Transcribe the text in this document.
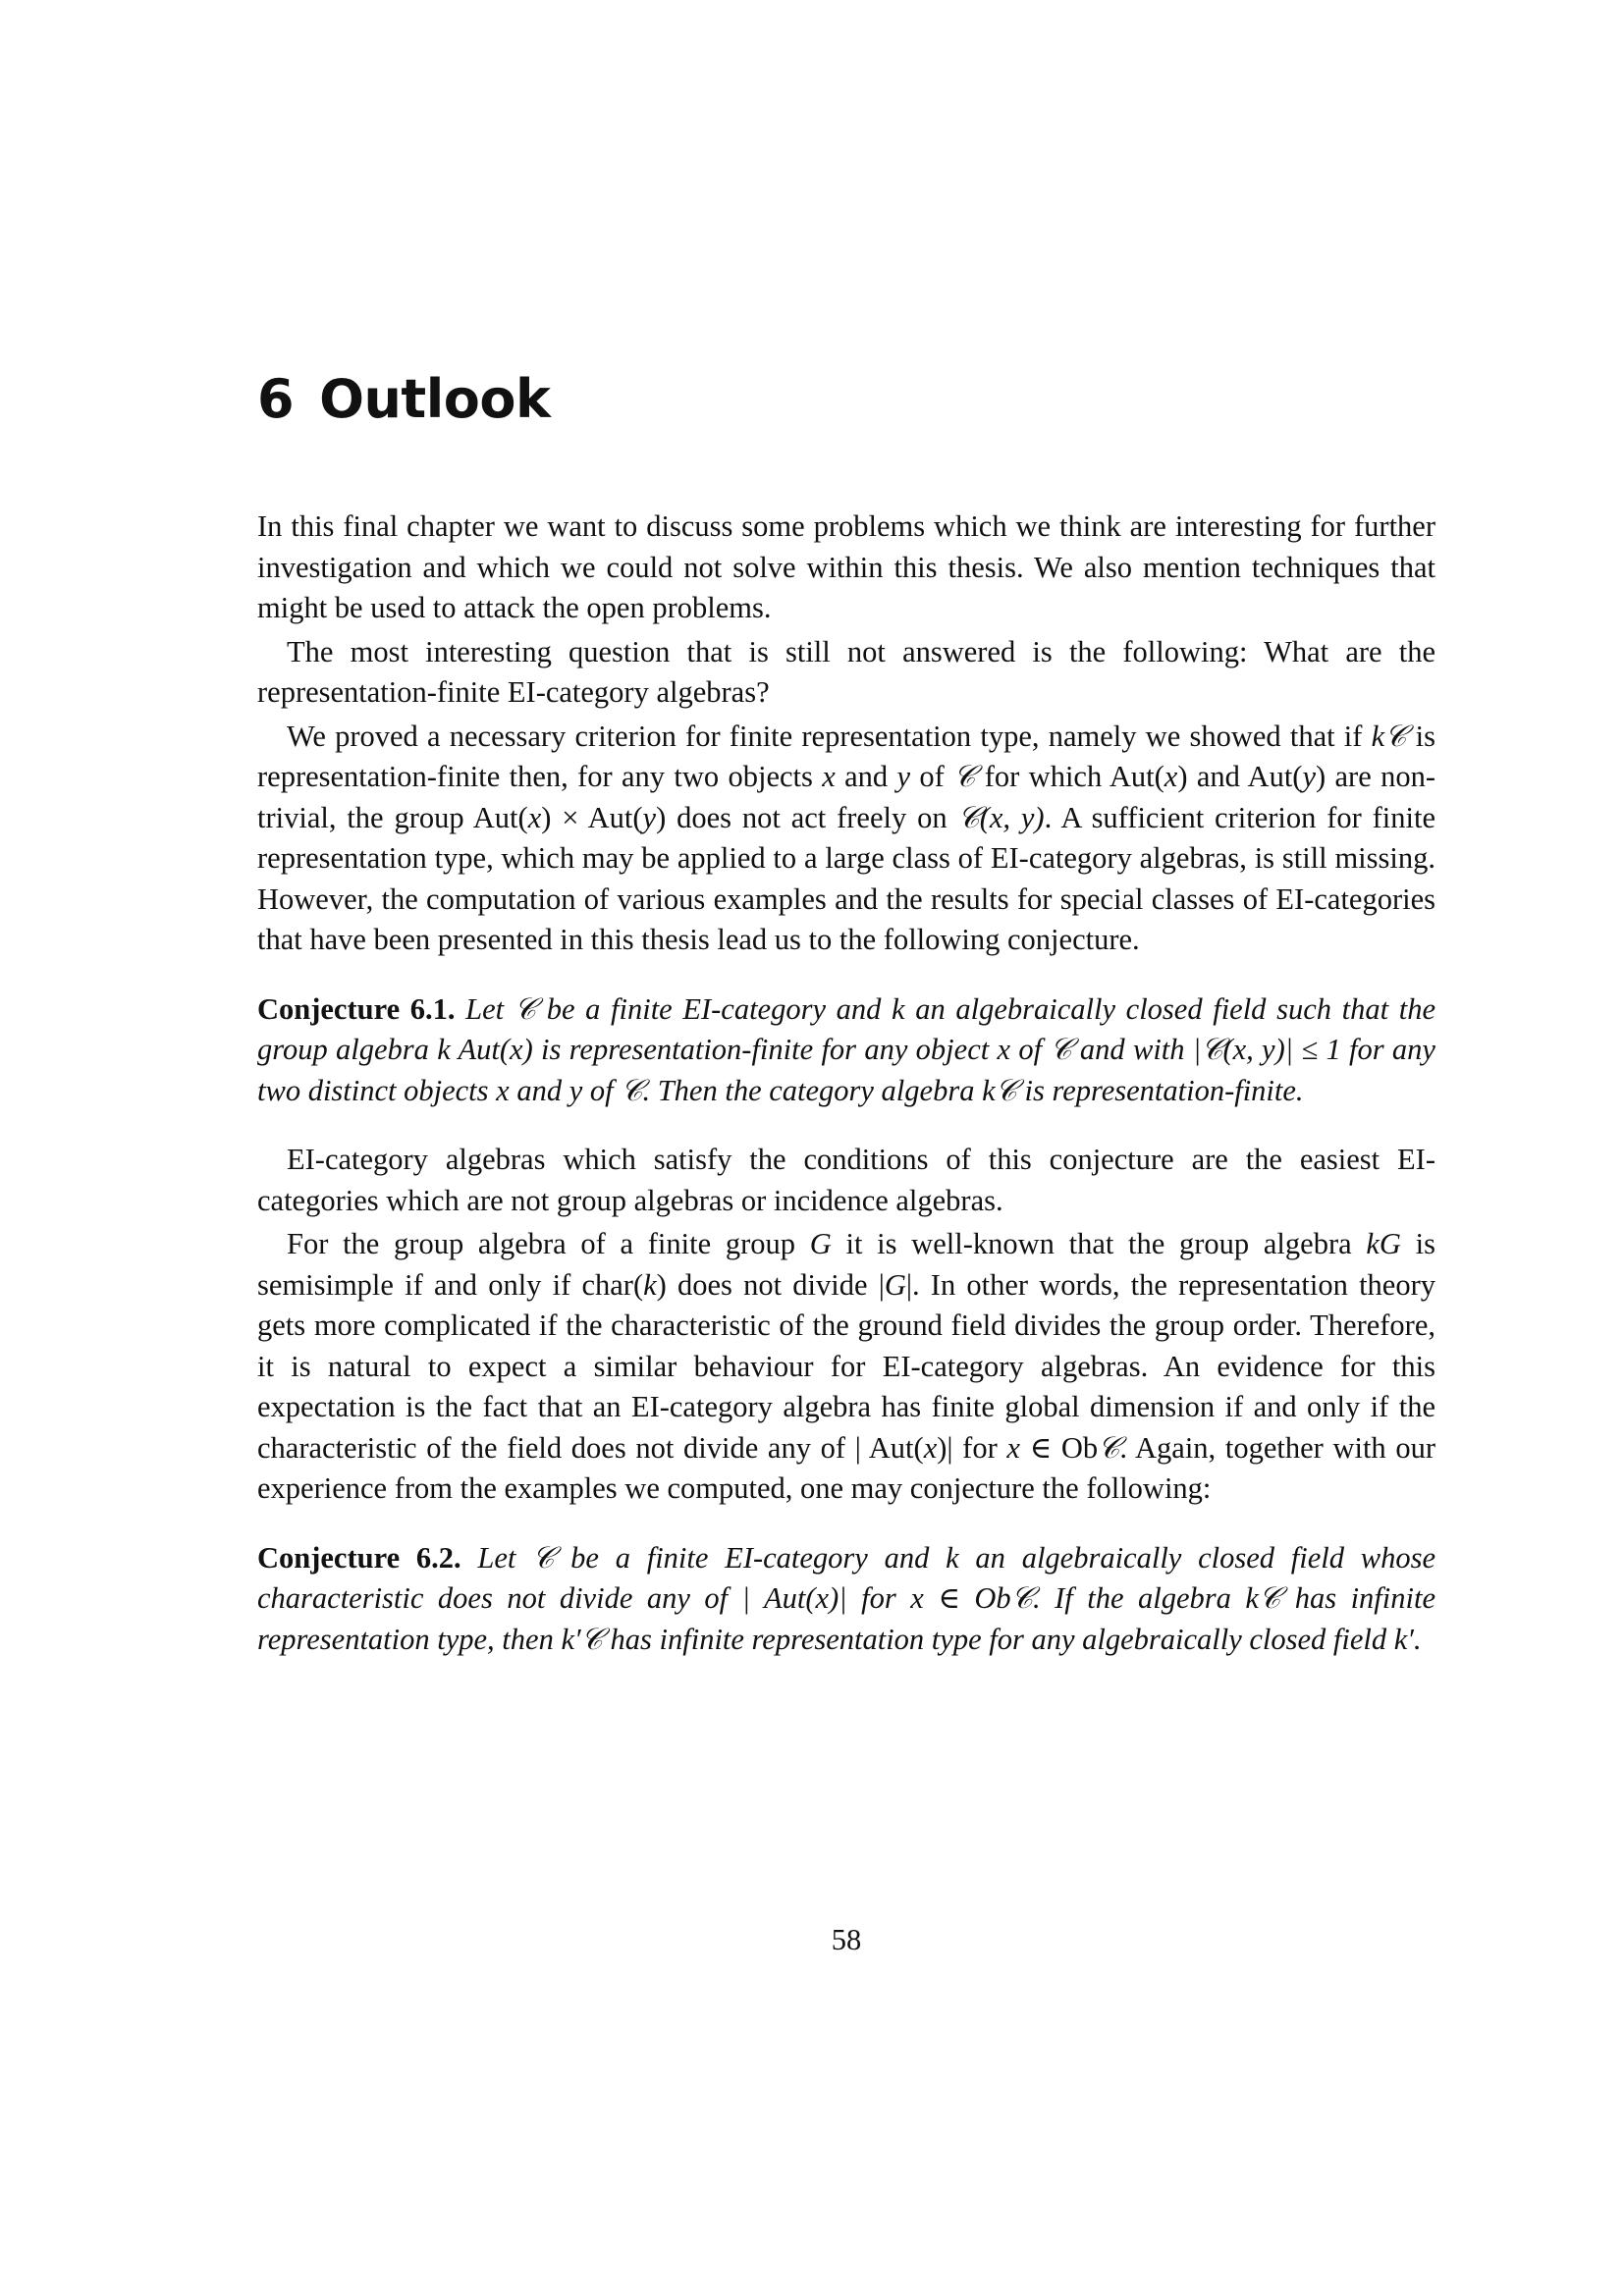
6 Outlook

In this final chapter we want to discuss some problems which we think are interesting for further investigation and which we could not solve within this thesis. We also mention techniques that might be used to attack the open problems.

The most interesting question that is still not answered is the following: What are the representation-finite EI-category algebras?

We proved a necessary criterion for finite representation type, namely we showed that if k𝒞 is representation-finite then, for any two objects x and y of 𝒞 for which Aut(x) and Aut(y) are non-trivial, the group Aut(x) × Aut(y) does not act freely on 𝒞(x, y). A sufficient criterion for finite representation type, which may be applied to a large class of EI-category algebras, is still missing. However, the computation of various examples and the results for special classes of EI-categories that have been presented in this thesis lead us to the following conjecture.

Conjecture 6.1. Let 𝒞 be a finite EI-category and k an algebraically closed field such that the group algebra k Aut(x) is representation-finite for any object x of 𝒞 and with |𝒞(x, y)| ≤ 1 for any two distinct objects x and y of 𝒞. Then the category algebra k𝒞 is representation-finite.

EI-category algebras which satisfy the conditions of this conjecture are the easiest EI-categories which are not group algebras or incidence algebras.

For the group algebra of a finite group G it is well-known that the group algebra kG is semisimple if and only if char(k) does not divide |G|. In other words, the representation theory gets more complicated if the characteristic of the ground field divides the group order. Therefore, it is natural to expect a similar behaviour for EI-category algebras. An evidence for this expectation is the fact that an EI-category algebra has finite global dimension if and only if the characteristic of the field does not divide any of | Aut(x)| for x ∈ Ob𝒞. Again, together with our experience from the examples we computed, one may conjecture the following:

Conjecture 6.2. Let 𝒞 be a finite EI-category and k an algebraically closed field whose characteristic does not divide any of | Aut(x)| for x ∈ Ob𝒞. If the algebra k𝒞 has infinite representation type, then k′𝒞 has infinite representation type for any algebraically closed field k′.
58
